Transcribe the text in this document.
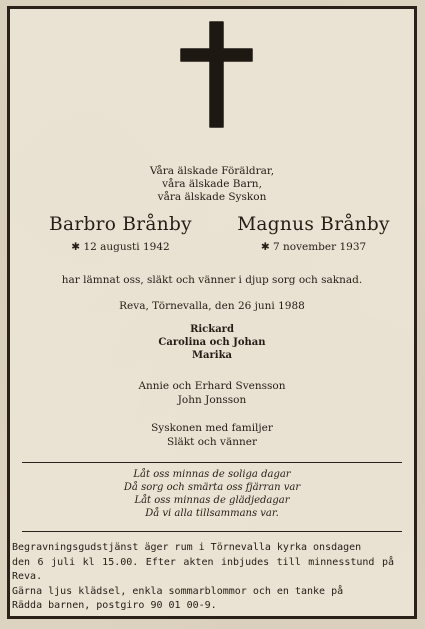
Våra älskade Föräldrar,
våra älskade Barn,
våra älskade Syskon
Barbro Brånby
✱ 12 augusti 1942
Magnus Brånby
✱ 7 november 1937
har lämnat oss, släkt och vänner i djup sorg och saknad.
Reva, Törnevalla, den 26 juni 1988
Rickard
Carolina och Johan
Marika
Annie och Erhard Svensson
John Jonsson
Syskonen med familjer
Släkt och vänner
Låt oss minnas de soliga dagar
Då sorg och smärta oss fjärran var
Låt oss minnas de glädjedagar
Då vi alla tillsammans var.
Begravningsgudstjänst äger rum i Törnevalla kyrka onsdagen
den 6 juli kl 15.00. Efter akten inbjudes till minnesstund på Reva.
Gärna ljus klädsel, enkla sommarblommor och en tanke på
Rädda barnen, postgiro 90 01 00-9.
